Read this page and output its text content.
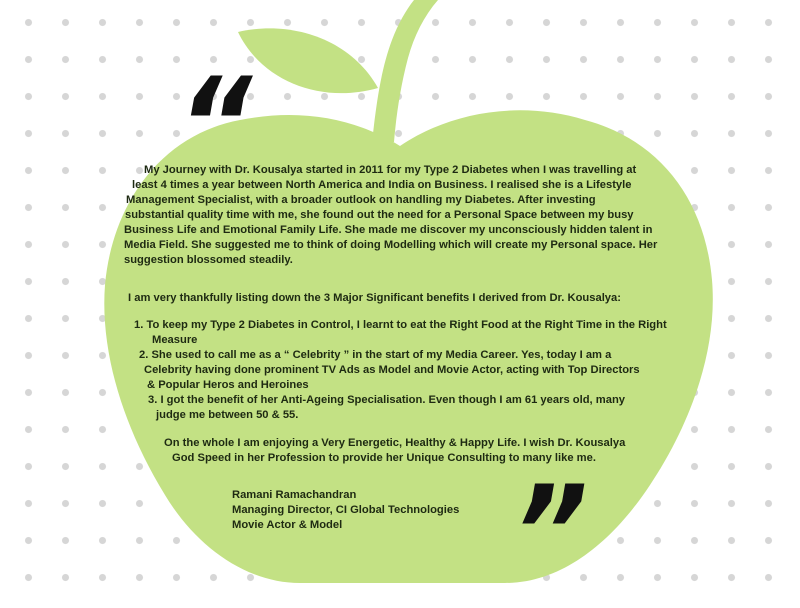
“
”
My Journey with Dr. Kousalya started in 2011 for my Type 2 Diabetes when I was travelling at
least 4 times a year between North America and India on Business. I realised she is a Lifestyle
Management Specialist, with a broader outlook on handling my Diabetes. After investing
substantial quality time with me, she found out the need for a Personal Space between my busy
Business Life and Emotional Family Life. She made me discover my unconsciously hidden talent in
Media Field. She suggested me to think of doing Modelling which will create my Personal space. Her
suggestion blossomed steadily.
I am very thankfully listing down the 3 Major Significant benefits I derived from Dr. Kousalya:
1. To keep my Type 2 Diabetes in Control, I learnt to eat the Right Food at the Right Time in the Right
Measure
2. She used to call me as a “ Celebrity ” in the start of my Media Career. Yes, today I am a
Celebrity having done prominent TV Ads as Model and Movie Actor, acting with Top Directors
& Popular Heros and Heroines
3. I got the benefit of her Anti-Ageing Specialisation. Even though I am 61 years old, many
judge me between 50 & 55.
On the whole I am enjoying a Very Energetic, Healthy & Happy Life. I wish Dr. Kousalya
God Speed in her Profession to provide her Unique Consulting to many like me.
Ramani Ramachandran
Managing Director, CI Global Technologies
Movie Actor & Model
